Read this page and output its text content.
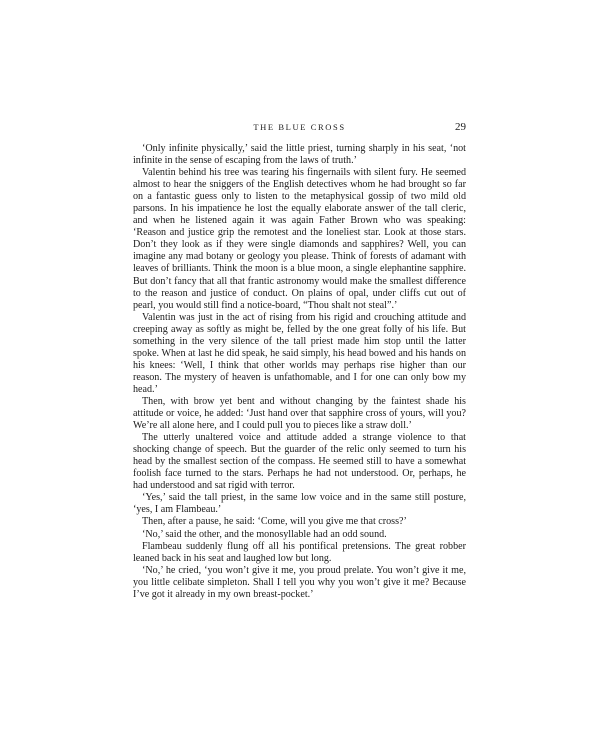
THE BLUE CROSS	29

‘Only infinite physically,’ said the little priest, turning sharply in his seat, ‘not infinite in the sense of escaping from the laws of truth.’

Valentin behind his tree was tearing his fingernails with silent fury. He seemed almost to hear the sniggers of the English detectives whom he had brought so far on a fantastic guess only to listen to the metaphysical gossip of two mild old parsons. In his impatience he lost the equally elaborate answer of the tall cleric, and when he listened again it was again Father Brown who was speaking: ‘Reason and justice grip the remotest and the loneliest star. Look at those stars. Don’t they look as if they were single diamonds and sapphires? Well, you can imagine any mad botany or geology you please. Think of forests of adamant with leaves of brilliants. Think the moon is a blue moon, a single elephantine sapphire. But don’t fancy that all that frantic astronomy would make the smallest difference to the reason and justice of conduct. On plains of opal, under cliffs cut out of pearl, you would still find a notice-board, “Thou shalt not steal”.’

Valentin was just in the act of rising from his rigid and crouching attitude and creeping away as softly as might be, felled by the one great folly of his life. But something in the very silence of the tall priest made him stop until the latter spoke. When at last he did speak, he said simply, his head bowed and his hands on his knees: ‘Well, I think that other worlds may perhaps rise higher than our reason. The mystery of heaven is unfathomable, and I for one can only bow my head.’

Then, with brow yet bent and without changing by the faintest shade his attitude or voice, he added: ‘Just hand over that sapphire cross of yours, will you? We’re all alone here, and I could pull you to pieces like a straw doll.’

The utterly unaltered voice and attitude added a strange violence to that shocking change of speech. But the guarder of the relic only seemed to turn his head by the smallest section of the compass. He seemed still to have a somewhat foolish face turned to the stars. Perhaps he had not understood. Or, perhaps, he had understood and sat rigid with terror.

‘Yes,’ said the tall priest, in the same low voice and in the same still posture, ‘yes, I am Flambeau.’

Then, after a pause, he said: ‘Come, will you give me that cross?’

‘No,’ said the other, and the monosyllable had an odd sound.

Flambeau suddenly flung off all his pontifical pretensions. The great robber leaned back in his seat and laughed low but long.

‘No,’ he cried, ‘you won’t give it me, you proud prelate. You won’t give it me, you little celibate simpleton. Shall I tell you why you won’t give it me? Because I’ve got it already in my own breast-pocket.’
